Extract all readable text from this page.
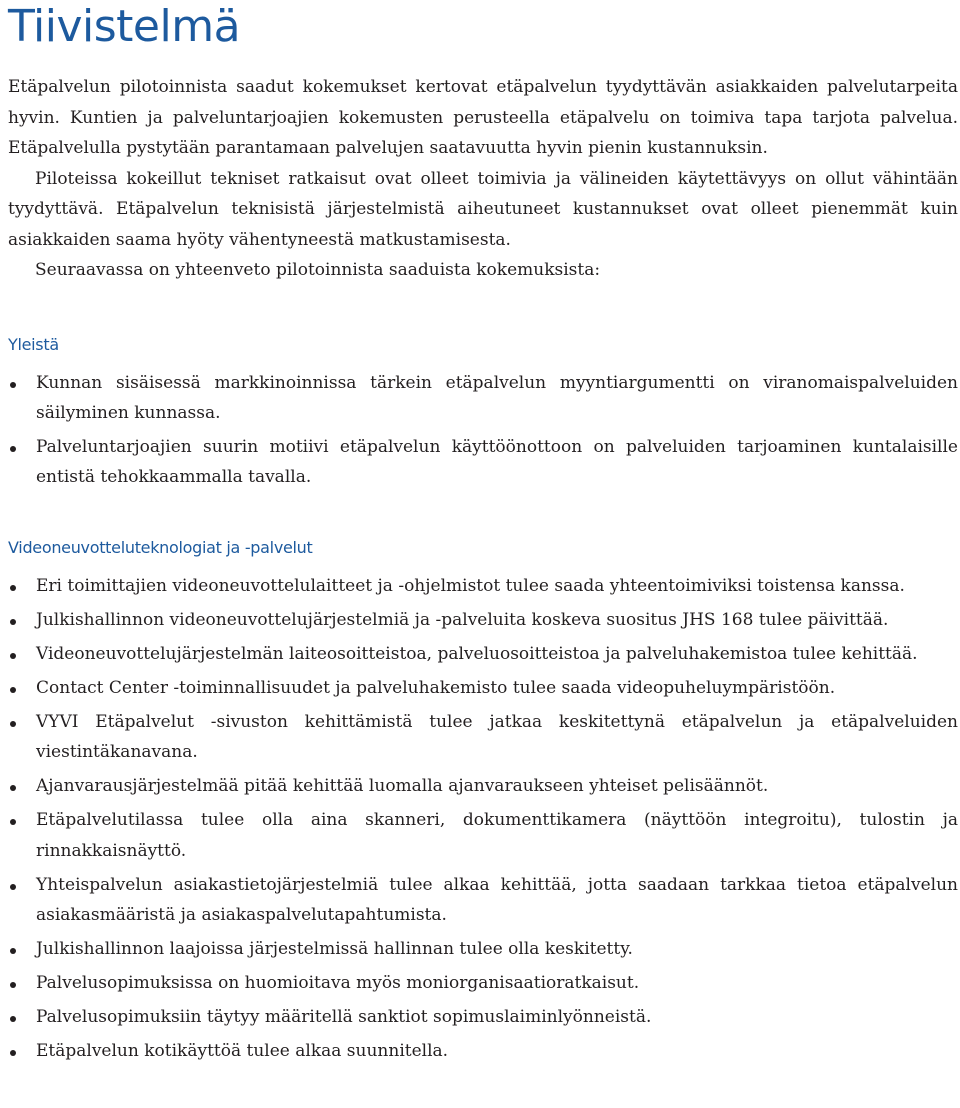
Tiivistelmä

Etäpalvelun pilotoinnista saadut kokemukset kertovat etäpalvelun tyydyttävän asiakkaiden palvelutarpeita hyvin. Kuntien ja palveluntarjoajien kokemusten perusteella etäpalvelu on toimiva tapa tarjota palvelua. Etäpalvelulla pystytään parantamaan palvelujen saatavuutta hyvin pienin kustannuksin.

Piloteissa kokeillut tekniset ratkaisut ovat olleet toimivia ja välineiden käytettävyys on ollut vähintään tyydyttävä. Etäpalvelun teknisistä järjestelmistä aiheutuneet kustannukset ovat olleet pienemmät kuin asiakkaiden saama hyöty vähentyneestä matkustamisesta.

Seuraavassa on yhteenveto pilotoinnista saaduista kokemuksista:

Yleistä
Kunnan sisäisessä markkinoinnissa tärkein etäpalvelun myyntiargumentti on viranomaispalveluiden säilyminen kunnassa.
Palveluntarjoajien suurin motiivi etäpalvelun käyttöönottoon on palveluiden tarjoaminen kuntalaisille entistä tehokkaammalla tavalla.
Videoneuvotteluteknologiat ja -palvelut
Eri toimittajien videoneuvottelulaitteet ja -ohjelmistot tulee saada yhteentoimiviksi toistensa kanssa.
Julkishallinnon videoneuvottelujärjestelmiä ja -palveluita koskeva suositus JHS 168 tulee päivittää.
Videoneuvottelujärjestelmän laiteosoitteistoa, palveluosoitteistoa ja palveluhakemistoa tulee kehittää.
Contact Center -toiminnallisuudet ja palveluhakemisto tulee saada videopuheluympäristöön.
VYVI Etäpalvelut -sivuston kehittämistä tulee jatkaa keskitettynä etäpalvelun ja etäpalveluiden viestintäkanavana.
Ajanvarausjärjestelmää pitää kehittää luomalla ajanvaraukseen yhteiset pelisäännöt.
Etäpalvelutilassa tulee olla aina skanneri, dokumenttikamera (näyttöön integroitu), tulostin ja rinnakkaisnäyttö.
Yhteispalvelun asiakastietojärjestelmiä tulee alkaa kehittää, jotta saadaan tarkkaa tietoa etäpalvelun asiakasmääristä ja asiakaspalvelutapahtumista.
Julkishallinnon laajoissa järjestelmissä hallinnan tulee olla keskitetty.
Palvelusopimuksissa on huomioitava myös moniorganisaatioratkaisut.
Palvelusopimuksiin täytyy määritellä sanktiot sopimuslaiminlyönneistä.
Etäpalvelun kotikäyttöä tulee alkaa suunnitella.
